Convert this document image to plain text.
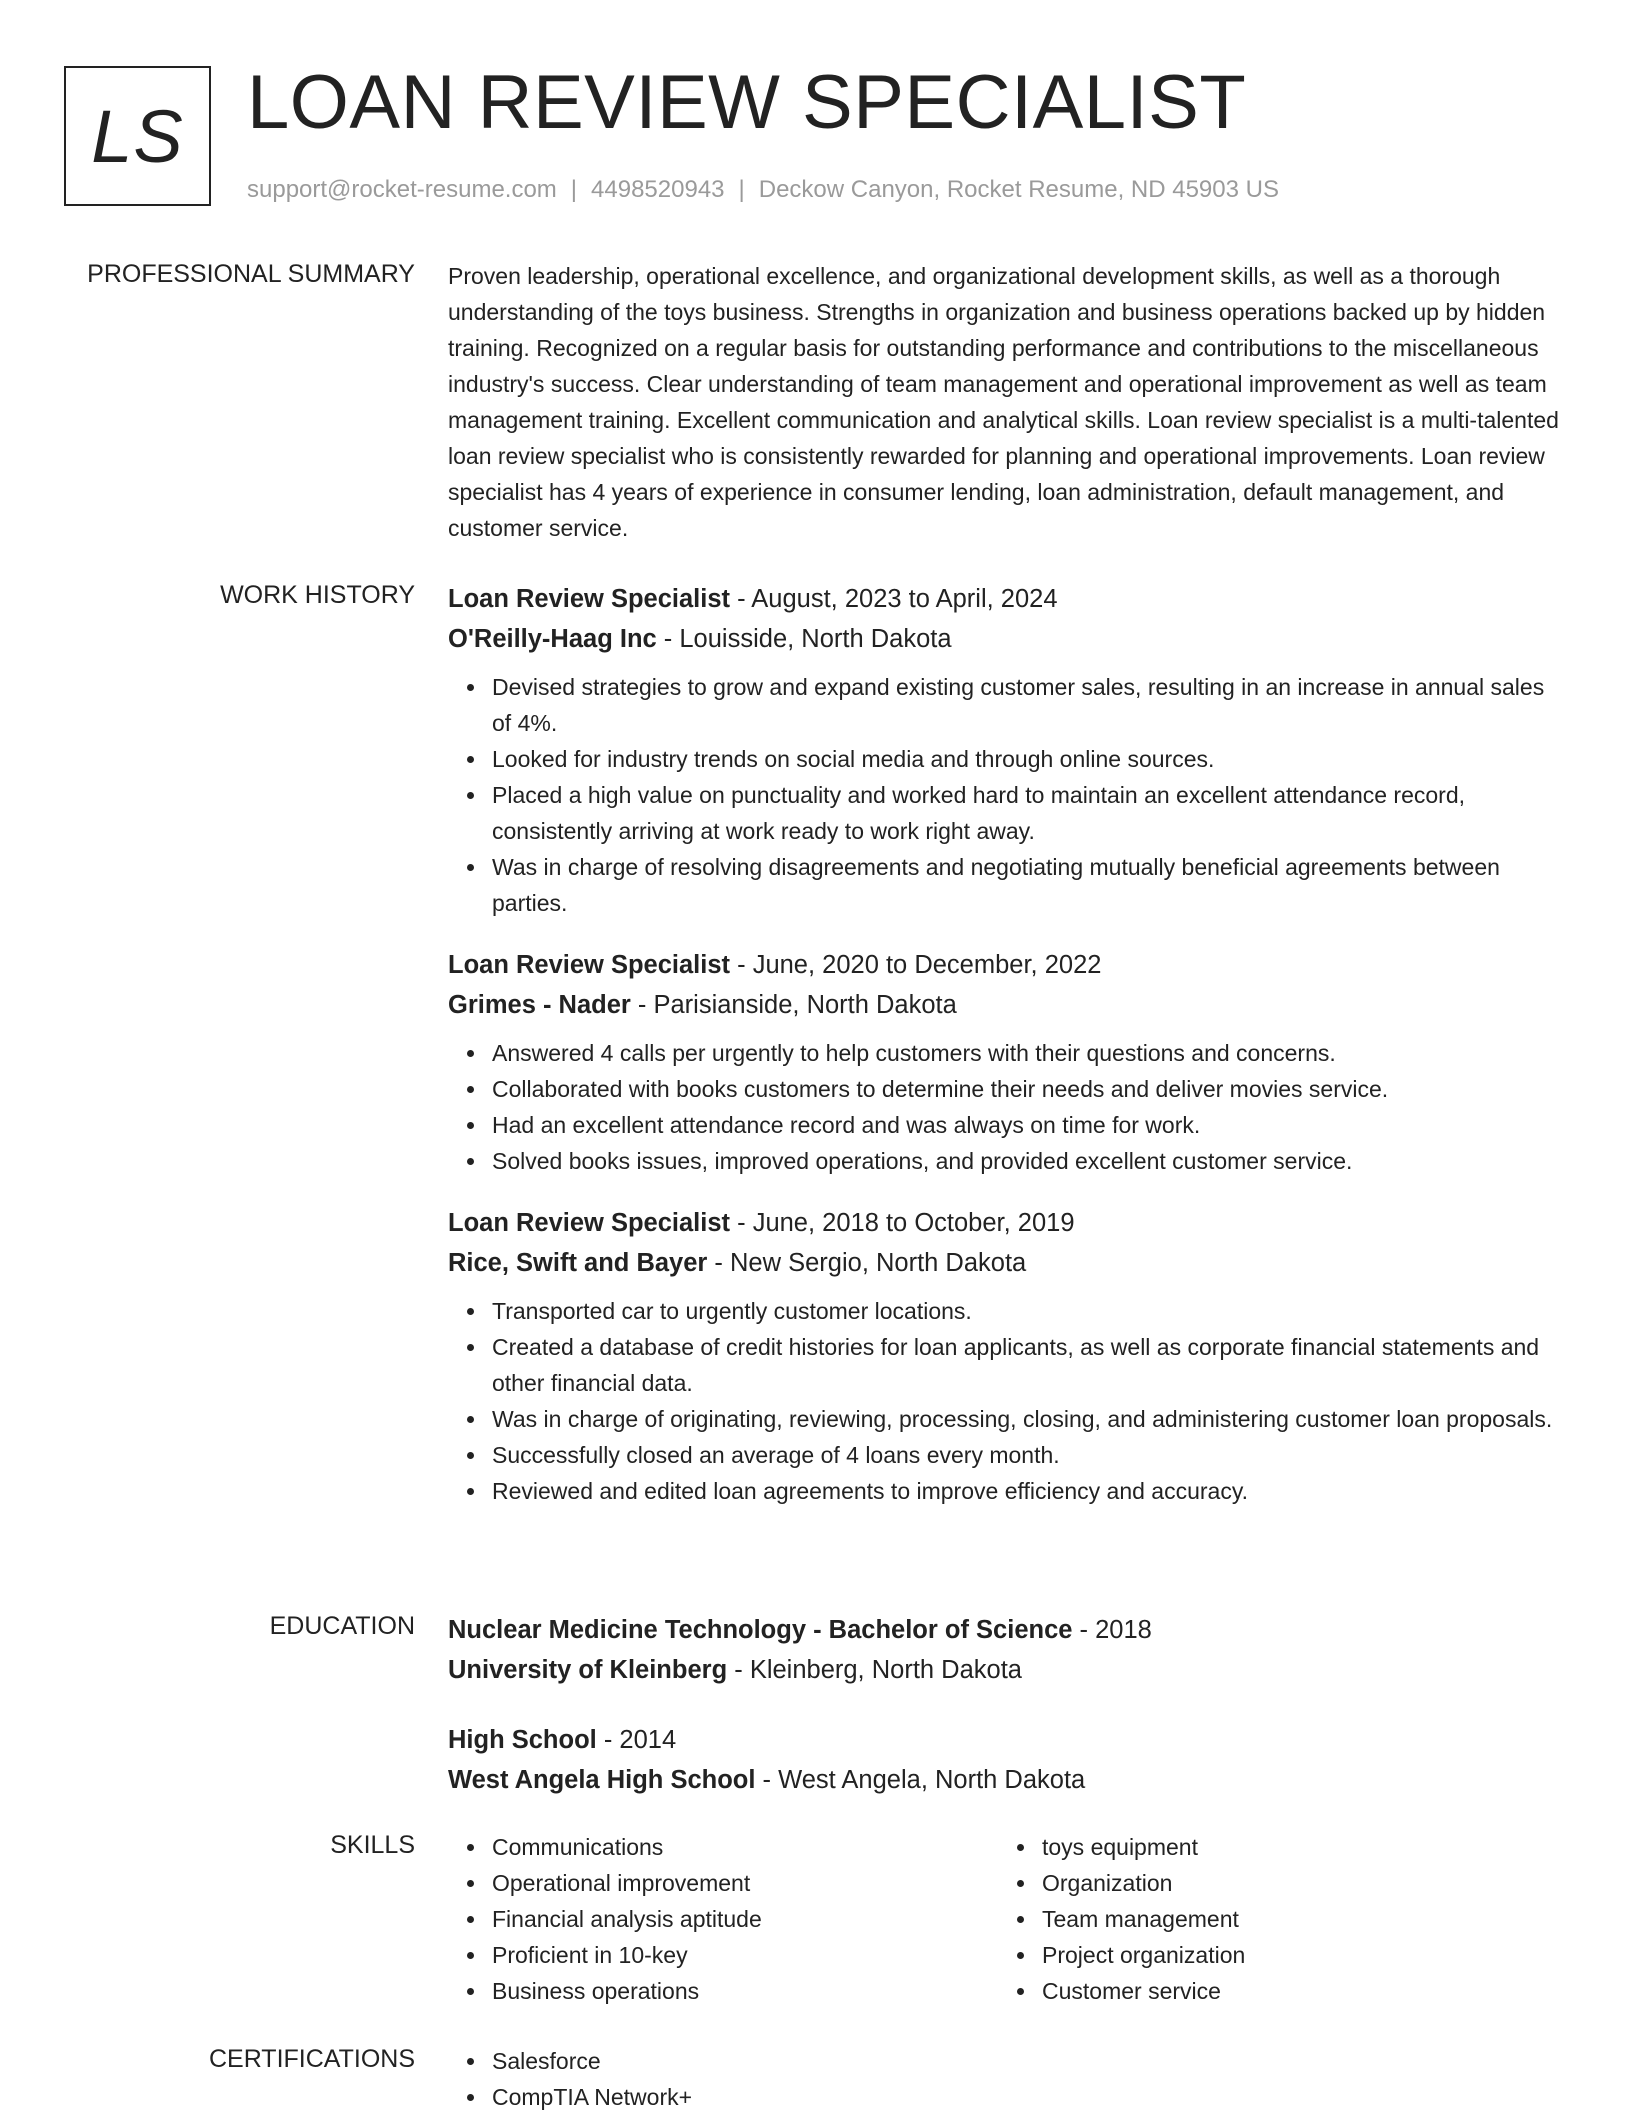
LS LOAN REVIEW SPECIALIST
support@rocket-resume.com | 4498520943 | Deckow Canyon, Rocket Resume, ND 45903 US
PROFESSIONAL SUMMARY Proven leadership, operational excellence, and organizational development skills, as well as a thorough understanding of the toys business. Strengths in organization and business operations backed up by hidden training. Recognized on a regular basis for outstanding performance and contributions to the miscellaneous industry's success. Clear understanding of team management and operational improvement as well as team management training. Excellent communication and analytical skills. Loan review specialist is a multi-talented loan review specialist who is consistently rewarded for planning and operational improvements. Loan review specialist has 4 years of experience in consumer lending, loan administration, default management, and customer service.

WORK HISTORY Loan Review Specialist - August, 2023 to April, 2024
O'Reilly-Haag Inc - Louisside, North Dakota
Devised strategies to grow and expand existing customer sales, resulting in an increase in annual sales of 4%.
Looked for industry trends on social media and through online sources.
Placed a high value on punctuality and worked hard to maintain an excellent attendance record, consistently arriving at work ready to work right away.
Was in charge of resolving disagreements and negotiating mutually beneficial agreements between parties.
Loan Review Specialist - June, 2020 to December, 2022
Grimes - Nader - Parisianside, North Dakota
Answered 4 calls per urgently to help customers with their questions and concerns.
Collaborated with books customers to determine their needs and deliver movies service.
Had an excellent attendance record and was always on time for work.
Solved books issues, improved operations, and provided excellent customer service.
Loan Review Specialist - June, 2018 to October, 2019
Rice, Swift and Bayer - New Sergio, North Dakota
Transported car to urgently customer locations.
Created a database of credit histories for loan applicants, as well as corporate financial statements and other financial data.
Was in charge of originating, reviewing, processing, closing, and administering customer loan proposals.
Successfully closed an average of 4 loans every month.
Reviewed and edited loan agreements to improve efficiency and accuracy.
EDUCATION Nuclear Medicine Technology - Bachelor of Science - 2018
University of Kleinberg - Kleinberg, North Dakota
High School - 2014
West Angela High School - West Angela, North Dakota
SKILLS	Communications
Operational improvement
Financial analysis aptitude
Proficient in 10-key
Business operations
toys equipment
Organization
Team management
Project organization
Customer service
CERTIFICATIONS	Salesforce
CompTIA Network+
